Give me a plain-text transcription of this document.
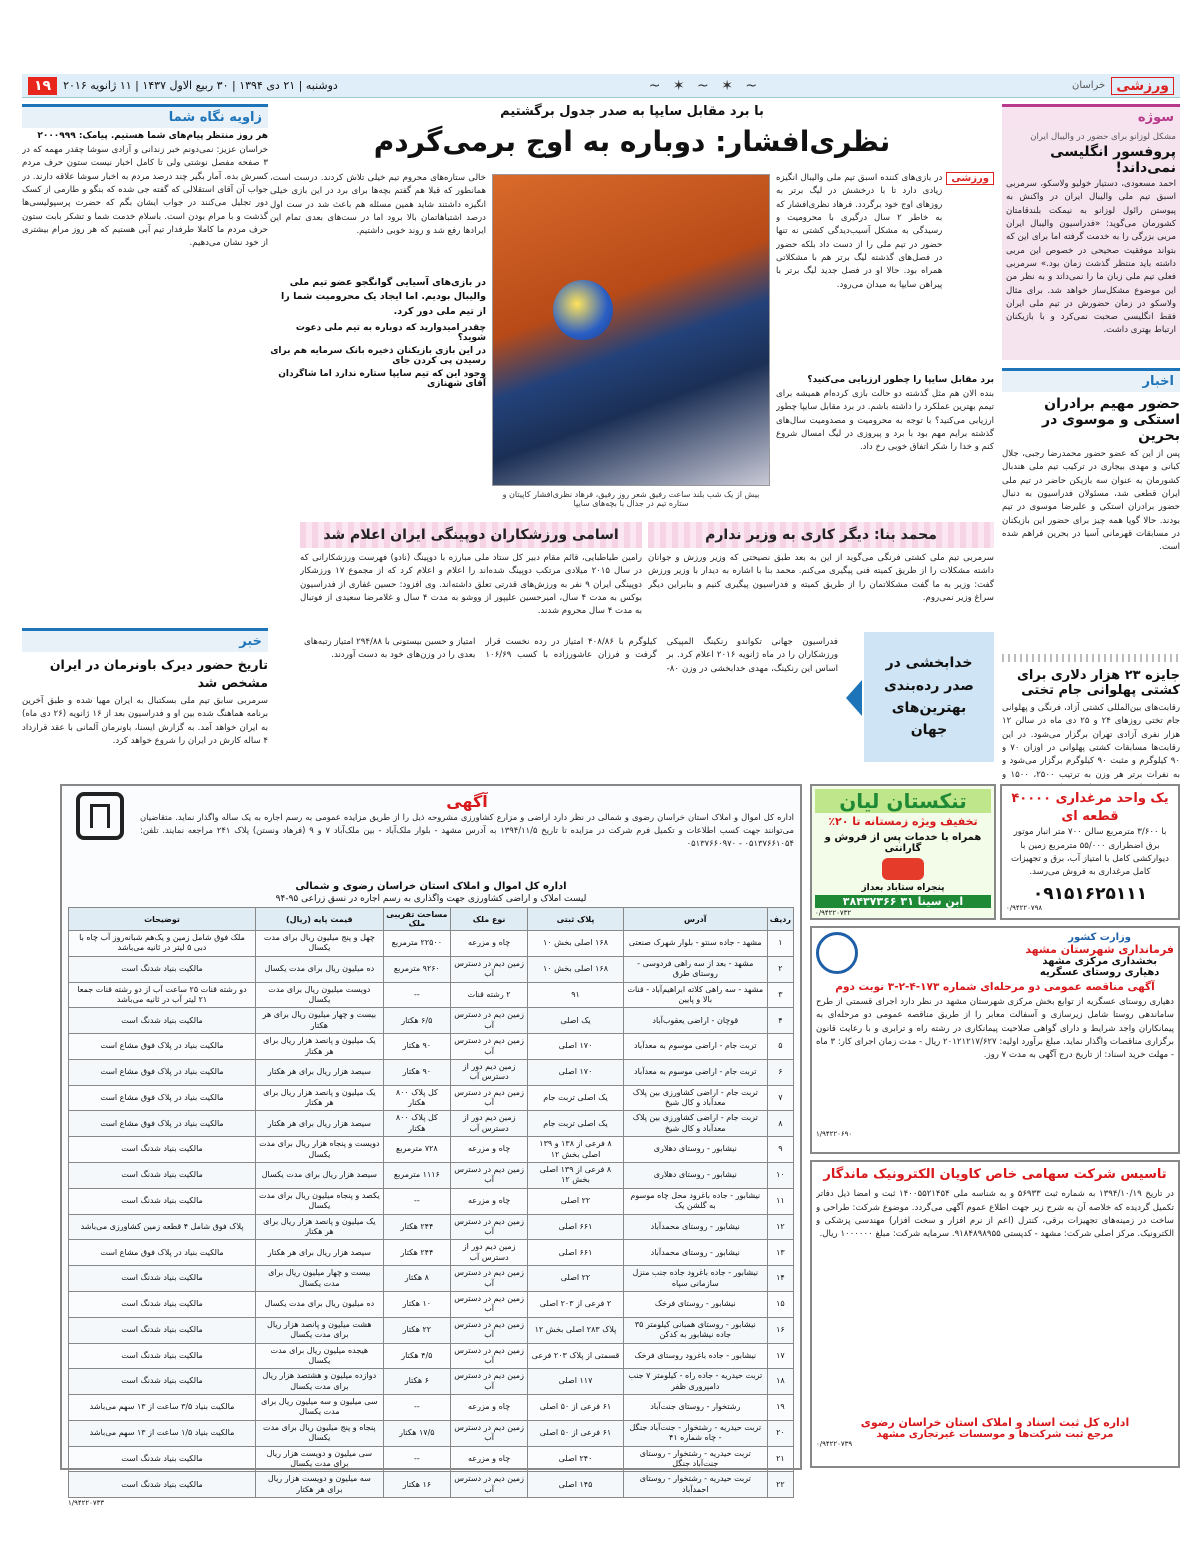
ورزشی
خراسان
~ ✶ ~ ✶ ~
دوشنبه | ۲۱ دی ۱۳۹۴ | ۳۰ ربیع الاول ۱۴۳۷ | ۱۱ ژانویه ۲۰۱۶
۱۹
سوژه
مشکل لوزانو برای حضور در والیبال ایران
پروفسور انگلیسی نمی‌داند!
احمد مسعودی، دستیار خولیو ولاسکو، سرمربی اسبق تیم ملی والیبال ایران در واکنش به پیوستن رائول لوزانو به نیمکت بلندقامتان کشورمان می‌گوید: «فدراسیون والیبال ایران مربی بزرگی را به خدمت گرفته اما برای این که بتواند موفقیت صحیحی در خصوص این مربی داشته باید منتظر گذشت زمان بود.» سرمربی فعلی تیم ملی زبان ما را نمی‌داند و به نظر من این موضوع مشکل‌ساز خواهد شد. برای مثال ولاسکو در زمان حضورش در تیم ملی ایران فقط انگلیسی صحبت نمی‌کرد و با بازیکنان ارتباط بهتری داشت.
اخبار
حضور مهیم برادران استکی و موسوی در بحرین
پس از این که عضو حضور محمدرضا رجبی، جلال کیانی و مهدی بیجاری در ترکیب تیم ملی هندبال کشورمان به عنوان سه بازیکن حاضر در تیم ملی ایران قطعی شد، مسئولان فدراسیون به دنبال حضور برادران استکی و علیرضا موسوی در تیم بودند. حالا گویا همه چیز برای حضور این بازیکنان در مسابقات قهرمانی آسیا در بحرین فراهم شده است.
جایزه ۲۳ هزار دلاری برای کشتی پهلوانی جام تختی
رقابت‌های بین‌المللی کشتی آزاد، فرنگی و پهلوانی جام تختی روزهای ۲۴ و ۲۵ دی ماه در سالن ۱۲ هزار نفری آزادی تهران برگزار می‌شود. در این رقابت‌ها مسابقات کشتی پهلوانی در اوزان ۷۰ و ۹۰ کیلوگرم و مثبت ۹۰ کیلوگرم برگزار می‌شود و به نفرات برتر هر وزن به ترتیب ۲۵۰۰، ۱۵۰۰ و
با برد مقابل سایپا به صدر جدول برگشتیم
نظری‌افشار: دوباره به اوج برمی‌گردم
ورزشی
در بازی‌های کننده اسبق تیم ملی والیبال انگیزه زیادی دارد تا با درخشش در لیگ برتر به روزهای اوج خود برگردد. فرهاد نظری‌افشار که به خاطر ۲ سال درگیری با محرومیت و رسیدگی به مشکل آسیب‌دیدگی کشتی نه تنها حضور در تیم ملی را از دست داد بلکه حضور در فصل‌های گذشته لیگ برتر هم با مشکلاتی همراه بود. حالا او در فصل جدید لیگ برتر با پیراهن سایپا به میدان می‌رود.
برد مقابل سایپا را چطور ارزیابی می‌کنید؟
بنده الان هم مثل گذشته دو حالت بازی کرده‌ام همیشه برای تیمم بهترین عملکرد را داشته باشم. در برد مقابل سایپا چطور ارزیابی می‌کنید؟ با توجه به محرومیت و مصدومیت سال‌های گذشته برایم مهم بود با برد و پیروزی در لیگ امسال شروع کنم و خدا را شکر اتفاق خوبی رخ داد.
بیش از یک شب بلند ساعت رفیق شعر روز رفیق، فرهاد نظری‌افشار کاپیتان و ستاره تیم در جدال با بچه‌های سایپا
خالی ستاره‌های محروم تیم خیلی تلاش کردند. درست است، همانطور که قبلا هم گفتم بچه‌ها برای برد در این بازی خیلی انگیزه داشتند شاید همین مسئله هم باعث شد در ست اول درصد اشتباهاتمان بالا برود اما در ست‌های بعدی تمام این ایرادها رفع شد و روند خوبی داشتیم.
در بازی‌های آسیایی گوانگجو عضو تیم ملی والیبال بودیم. اما ایجاد یک محرومیت شما را از تیم ملی دور کرد.
چقدر امیدوارید که دوباره به تیم ملی دعوت شوید؟
در این بازی بازیکنان ذخیره بانک سرمایه هم برای رسیدن پی کردن جای
وجود این که تیم سایپا ستاره ندارد اما شاگردان آقای شهنازی
محمد بنا: دیگر کاری به وزیر ندارم
سرمربی تیم ملی کشتی فرنگی می‌گوید از این به بعد طبق نصیحتی که وزیر ورزش و جوانان داشته مشکلات را از طریق کمیته فنی پیگیری می‌کنم. محمد بنا با اشاره به دیدار با وزیر ورزش گفت: وزیر به ما گفت مشکلاتمان را از طریق کمیته و فدراسیون پیگیری کنیم و بنابراین دیگر سراغ وزیر نمی‌روم.
اسامی ورزشکاران دوپینگی ایران اعلام شد
رامین طباطبایی، قائم مقام دبیر کل ستاد ملی مبارزه با دوپینگ (نادو) فهرست ورزشکارانی که در سال ۲۰۱۵ میلادی مرتکب دوپینگ شده‌اند را اعلام و اعلام کرد که از مجموع ۱۷ ورزشکار دوپینگی ایران ۹ نفر به ورزش‌های قدرتی تعلق داشته‌اند. وی افزود: حسین غفاری از فدراسیون بوکس به مدت ۴ سال، امیرحسین علیپور از ووشو به مدت ۴ سال و غلامرضا سعیدی از فوتبال به مدت ۴ سال محروم شدند.
خدابخشی در صدر رده‌بندی بهترین‌های جهان
فدراسیون جهانی تکواندو رنکینگ المپیکی ورزشکاران را در ماه ژانویه ۲۰۱۶ اعلام کرد. بر اساس این رنکینگ، مهدی خدابخشی در وزن ۸۰- کیلوگرم با ۴۰۸/۸۶ امتیاز در رده نخست قرار گرفت و فرزان عاشورزاده با کسب ۱۰۶/۶۹ امتیاز و حسین بیستونی با ۲۹۴/۸۸ امتیاز رتبه‌های بعدی را در وزن‌های خود به دست آوردند.
زاویه نگاه شما
هر روز منتظر پیام‌های شما هستیم. پیامک: ۲۰۰۰۹۹۹
خراسان عزیز: نمی‌دونم خبر زندانی و آزادی سوشا چقدر مهمه که در ۳ صفحه مفصل نوشتی ولی تا کامل اخبار نیست ستون حرف مردم کسرش بده. آمار بگیر چند درصد مردم به اخبار سوشا علاقه دارند. در جواب آن آقای استقلالی که گفته جی شده که بنگو و طارمی از کسک دور تجلیل می‌کنند در جواب ایشان بگم که حضرت پرسپولیسی‌ها گذشت و با مرام بودن است. باسلام خدمت شما و تشکر بابت ستون حرف مردم ما کاملا طرفدار تیم آبی هستیم که هر روز مرام بیشتری از خود نشان می‌دهیم.
خبر
تاریخ حضور دیرک باونرمان در ایران مشخص شد
سرمربی سابق تیم ملی بسکتبال به ایران مهیا شده و طبق آخرین برنامه هماهنگ شده بین او و فدراسیون بعد از ۱۶ ژانویه (۲۶ دی ماه) به ایران خواهد آمد. به گزارش ایسنا، باونرمان آلمانی با عقد قرارداد ۴ ساله کارش در ایران را شروع خواهد کرد.
یک واحد مرغداری ۴۰۰۰۰ قطعه ای
با ۳/۶۰۰ مترمربع سالن ۷۰۰ متر انبار موتور برق اضطراری ۵۵/۰۰۰ مترمربع زمین با دیوارکشی کامل با امتیاز آب، برق و تجهیزات کامل مرغداری به فروش می‌رسد.
۰۹۱۵۱۶۲۵۱۱۱
۰/۹۴۲۲۰۷۹۸
تنکستان لیان
تخفیف ویژه زمستانه تا ۲۰٪
همراه با خدمات پس از فروش و گارانتی
پنجراه ستاباد بعداز
ابن سینا ۳۱ ۳۸۴۳۷۳۶۶
۰/۹۴۲۲۰۷۳۲
وزارت کشور
فرمانداری شهرستان مشهد
بخشداری مرکزی مشهد
دهیاری روستای عسگریه
آگهی مناقصه عمومی دو مرحله‌ای شماره ۱۷۳-۴-۲-۳ نوبت دوم
دهیاری روستای عسگریه از توابع بخش مرکزی شهرستان مشهد در نظر دارد اجرای قسمتی از طرح ساماندهی روستا شامل زیرسازی و آسفالت معابر را از طریق مناقصه عمومی دو مرحله‌ای به پیمانکاران واجد شرایط و دارای گواهی صلاحیت پیمانکاری در رشته راه و ترابری و با رعایت قانون برگزاری مناقصات واگذار نماید. مبلغ برآورد اولیه: ۲۰۱۲۱۲۱۷/۶۲۷ ریال - مدت زمان اجرای کار: ۳ ماه - مهلت خرید اسناد: از تاریخ درج آگهی به مدت ۷ روز.
۱/۹۴۲۲۰۶۹۰
تاسیس شرکت سهامی خاص کاویان الکترونیک ماندگار
در تاریخ ۱۳۹۴/۱۰/۱۹ به شماره ثبت ۵۶۹۳۳ و به شناسه ملی ۱۴۰۰۵۵۲۱۴۵۴ ثبت و امضا ذیل دفاتر تکمیل گردیده که خلاصه آن به شرح زیر جهت اطلاع عموم آگهی می‌گردد. موضوع شرکت: طراحی و ساخت در زمینه‌های تجهیزات برقی، کنترل (اعم از نرم افزار و سخت افزار) مهندسی پزشکی و الکترونیک. مرکز اصلی شرکت: مشهد - کدپستی ۹۱۸۴۸۹۸۹۵۵. سرمایه شرکت: مبلغ ۱۰۰۰۰۰۰ ریال.
اداره کل ثبت اسناد و املاک استان خراسان رضوی
مرجع ثبت شرکت‌ها و موسسات غیرتجاری مشهد
۰/۹۴۲۲۰۷۳۹
آگهی
اداره کل اموال و املاک استان خراسان رضوی و شمالی در نظر دارد اراضی و مزارع کشاورزی مشروحه ذیل را از طریق مزایده عمومی به رسم اجاره به یک ساله واگذار نماید. متقاضیان می‌توانند جهت کسب اطلاعات و تکمیل فرم شرکت در مزایده تا تاریخ ۱۳۹۴/۱۱/۵ به آدرس مشهد - بلوار ملک‌آباد - بین ملک‌آباد ۷ و ۹ (فرهاد ونستن) پلاک ۲۴۱ مراجعه نمایند. تلفن: ۰۵۱۳۷۶۶۱۰۵۴ - ۰۵۱۳۷۶۶۰۹۷۰
اداره کل اموال و املاک استان خراسان رضوی و شمالی
لیست املاک و اراضی کشاورزی جهت واگذاری به رسم اجاره در نسق زراعی ۹۵-۹۴
ردیف	آدرس	پلاک ثبتی	نوع ملک	مساحت تقریبی ملک	قیمت پایه (ریال)	توضیحات
۱	مشهد - جاده سنتو - بلوار شهرک صنعتی	۱۶۸ اصلی بخش ۱۰	چاه و مزرعه	۲۲۵۰۰ مترمربع	چهل و پنج میلیون ریال برای مدت یکسال	ملک فوق شامل زمین و یک‌هم شبانه‌روز آب چاه با دبی ۵ لیتر در ثانیه می‌باشد
۲	مشهد - بعد از سه راهی فردوسی - روستای طرق	۱۶۸ اصلی بخش ۱۰	زمین دیم در دسترس آب	۹۲۶۰ مترمربع	ده میلیون ریال برای مدت یکسال	مالکیت بنیاد شدنگ است
۳	مشهد - سه راهی کلاته ابراهیم‌آباد - قنات بالا و پایین	۹۱	۲ رشته قنات	--	دویست میلیون ریال برای مدت یکسال	دو رشته قنات ۲۵ ساعت آب از دو رشته قنات جمعا ۲۱ لیتر آب در ثانیه می‌باشد
۴	قوچان - اراضی یعقوب‌آباد	یک اصلی	زمین دیم در دسترس آب	۶/۵ هکتار	بیست و چهار میلیون ریال برای هر هکتار	مالکیت بنیاد شدنگ است
۵	تربت جام - اراضی موسوم به معدآباد	۱۷۰ اصلی	زمین دیم در دسترس آب	۹۰ هکتار	یک میلیون و پانصد هزار ریال برای هر هکتار	مالکیت بنیاد در پلاک فوق مشاع است
۶	تربت جام - اراضی موسوم به معدآباد	۱۷۰ اصلی	زمین دیم دور از دسترس آب	۹۰ هکتار	سیصد هزار ریال برای هر هکتار	مالکیت بنیاد در پلاک فوق مشاع است
۷	تربت جام - اراضی کشاورزی بین پلاک معدآباد و کال شیخ	یک اصلی تربت جام	زمین دیم در دسترس آب	کل پلاک ۸۰۰ هکتار	یک میلیون و پانصد هزار ریال برای هر هکتار	مالکیت بنیاد در پلاک فوق مشاع است
۸	تربت جام - اراضی کشاورزی بین پلاک معدآباد و کال شیخ	یک اصلی تربت جام	زمین دیم دور از دسترس آب	کل پلاک ۸۰۰ هکتار	سیصد هزار ریال برای هر هکتار	مالکیت بنیاد در پلاک فوق مشاع است
۹	نیشابور - روستای دهلاری	۸ فرعی از ۱۳۸ و ۱۳۹ اصلی بخش ۱۲	چاه و مزرعه	۷۲۸ مترمربع	دویست و پنجاه هزار ریال برای مدت یکسال	مالکیت بنیاد شدنگ است
۱۰	نیشابور - روستای دهلاری	۸ فرعی از ۱۳۹ اصلی بخش ۱۲	زمین دیم در دسترس آب	۱۱۱۶ مترمربع	سیصد هزار ریال برای مدت یکسال	مالکیت بنیاد شدنگ است
۱۱	نیشابور - جاده باغرود محل چاه موسوم به گلشن یک	۲۲ اصلی	چاه و مزرعه	--	یکصد و پنجاه میلیون ریال برای مدت یکسال	مالکیت بنیاد شدنگ است
۱۲	نیشابور - روستای محمدآباد	۶۶۱ اصلی	زمین دیم در دسترس آب	۲۴۴ هکتار	یک میلیون و پانصد هزار ریال برای هر هکتار	پلاک فوق شامل ۴ قطعه زمین کشاورزی می‌باشد
۱۳	نیشابور - روستای محمدآباد	۶۶۱ اصلی	زمین دیم دور از دسترس آب	۲۴۴ هکتار	سیصد هزار ریال برای هر هکتار	مالکیت بنیاد در پلاک فوق مشاع است
۱۴	نیشابور - جاده باغرود جاده جنب منزل سازمانی سپاه	۲۲ اصلی	زمین دیم در دسترس آب	۸ هکتار	بیست و چهار میلیون ریال برای مدت یکسال	مالکیت بنیاد شدنگ است
۱۵	نیشابور - روستای فرخک	۲ فرعی از ۲۰۳ اصلی	زمین دیم در دسترس آب	۱۰ هکتار	ده میلیون ریال برای مدت یکسال	مالکیت بنیاد شدنگ است
۱۶	نیشابور - روستای همبانی کیلومتر ۳۵ جاده نیشابور به کدکن	پلاک ۲۸۳ اصلی بخش ۱۲	زمین دیم در دسترس آب	۲۲ هکتار	هشت میلیون و پانصد هزار ریال برای مدت یکسال	مالکیت بنیاد شدنگ است
۱۷	نیشابور - جاده باغرود روستای فرخک	قسمتی از پلاک ۲۰۳ فرعی	زمین دیم در دسترس آب	۴/۵ هکتار	هیجده میلیون ریال برای مدت یکسال	مالکیت بنیاد شدنگ است
۱۸	تربت حیدریه - جاده راه - کیلومتر ۷ جنب دامپروری ظفر	۱۱۷ اصلی	زمین دیم در دسترس آب	۶ هکتار	دوازده میلیون و هشتصد هزار ریال برای مدت یکسال	مالکیت بنیاد شدنگ است
۱۹	رشتخوار - روستای جنت‌آباد	۶۱ فرعی از ۵۰ اصلی	چاه و مزرعه	--	سی میلیون و سه میلیون ریال برای مدت یکسال	مالکیت بنیاد ۳/۵ ساعت از ۱۳ سهم می‌باشد
۲۰	تربت حیدریه - رشتخوار - جنت‌آباد جنگل - چاه شماره ۴۱	۶۱ فرعی از ۵۰ اصلی	زمین دیم در دسترس آب	۱۷/۵ هکتار	پنجاه و پنج میلیون ریال برای مدت یکسال	مالکیت بنیاد ۱/۵ ساعت از ۱۳ سهم می‌باشد
۲۱	تربت حیدریه - رشتخوار - روستای جنت‌آباد جنگل	۲۴۰ اصلی	چاه و مزرعه	--	سی میلیون و دویست هزار ریال برای مدت یکسال	مالکیت بنیاد شدنگ است
۲۲	تربت حیدریه - رشتخوار - روستای احمدآباد	۱۴۵ اصلی	زمین دیم در دسترس آب	۱۶ هکتار	سه میلیون و دویست هزار ریال برای هر هکتار	مالکیت بنیاد شدنگ است
۱/۹۴۲۲۰۷۳۳
